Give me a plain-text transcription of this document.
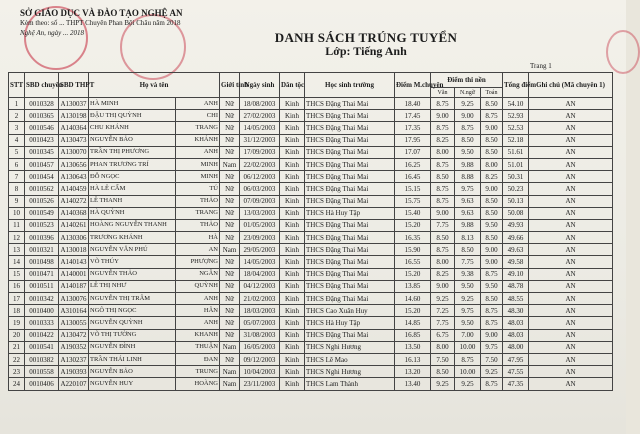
SỞ GIÁO DỤC VÀ ĐÀO TẠO NGHỆ AN
Kèm theo: số ... THPT Chuyên Phan Bội Châu năm 2018
Nghệ An, ngày ... 2018	DANH SÁCH TRÚNG TUYỂN
Lớp: Tiếng Anh
Trang 1
STT	SBD chuyên	SBD THPT	Họ và tên		Giới tính	Ngày sinh	Dân tộc	Học sinh trường	Điểm M.chuyên	Điểm thi nền			Tổng điểm	Ghi chú (Mã chuyên 1)
										Văn	N.ngữ	Toán		
1	0010328	A130037	HÀ MINH	ANH	Nữ	18/08/2003	Kinh	THCS Đặng Thai Mai	18.40	8.75	9.25	8.50	54.10	AN
2	0010365	A130198	ĐẬU THỊ QUỲNH	CHI	Nữ	27/02/2003	Kinh	THCS Đặng Thai Mai	17.45	9.00	9.00	8.75	52.93	AN
3	0010546	A140364	CHU KHÁNH	TRANG	Nữ	14/05/2003	Kinh	THCS Đặng Thai Mai	17.35	8.75	8.75	9.00	52.53	AN
4	0010423	A130473	NGUYỄN BẢO	KHÁNH	Nữ	31/12/2003	Kinh	THCS Đặng Thai Mai	17.95	8.25	8.50	8.50	52.18	AN
5	0010345	A130070	TRẦN THỊ PHƯƠNG	ANH	Nữ	17/09/2003	Kinh	THCS Đặng Thai Mai	17.07	8.00	9.50	8.50	51.61	AN
6	0010457	A130656	PHAN TRƯƠNG TRÍ	MINH	Nam	22/02/2003	Kinh	THCS Đặng Thai Mai	16.25	8.75	9.88	8.00	51.01	AN
7	0010454	A130643	ĐỖ NGỌC	MINH	Nữ	06/12/2003	Kinh	THCS Đặng Thai Mai	16.45	8.50	8.88	8.25	50.31	AN
8	0010562	A140459	HÀ LÊ CẨM	TÚ	Nữ	06/03/2003	Kinh	THCS Đặng Thai Mai	15.15	8.75	9.75	9.00	50.23	AN
9	0010526	A140272	LÊ THANH	THẢO	Nữ	07/09/2003	Kinh	THCS Đặng Thai Mai	15.75	8.75	9.63	8.50	50.13	AN
10	0010549	A140368	HÀ QUỲNH	TRANG	Nữ	13/03/2003	Kinh	THCS Hà Huy Tập	15.40	9.00	9.63	8.50	50.08	AN
11	0010523	A140261	HOÀNG NGUYỄN THANH	THẢO	Nữ	01/05/2003	Kinh	THCS Đặng Thai Mai	15.20	7.75	9.88	9.50	49.93	AN
12	0010396	A130306	TRƯƠNG KHÁNH	HÀ	Nữ	23/09/2003	Kinh	THCS Đặng Thai Mai	16.35	8.50	8.13	8.50	49.66	AN
13	0010321	A130018	NGUYỄN VĂN PHÚ	AN	Nam	29/05/2003	Kinh	THCS Đặng Thai Mai	15.90	8.75	8.50	9.00	49.63	AN
14	0010498	A140143	VÕ THÚY	PHƯỢNG	Nữ	14/05/2003	Kinh	THCS Đặng Thai Mai	16.55	8.00	7.75	9.00	49.58	AN
15	0010471	A140001	NGUYỄN THẢO	NGÂN	Nữ	18/04/2003	Kinh	THCS Đặng Thai Mai	15.20	8.25	9.38	8.75	49.10	AN
16	0010511	A140187	LÊ THỊ NHƯ	QUỲNH	Nữ	04/12/2003	Kinh	THCS Đặng Thai Mai	13.85	9.00	9.50	9.50	48.78	AN
17	0010342	A130076	NGUYỄN THỊ TRÂM	ANH	Nữ	21/02/2003	Kinh	THCS Đặng Thai Mai	14.60	9.25	9.25	8.50	48.55	AN
18	0010400	A310164	NGÔ THỊ NGỌC	HÂN	Nữ	18/03/2003	Kinh	THCS Cao Xuân Huy	15.20	7.25	9.75	8.75	48.30	AN
19	0010333	A130055	NGUYỄN QUỲNH	ANH	Nữ	05/07/2003	Kinh	THCS Hà Huy Tập	14.85	7.75	9.50	8.75	48.03	AN
20	0010422	A130472	VÕ THỊ TƯỜNG	KHANH	Nữ	31/08/2003	Kinh	THCS Đặng Thai Mai	16.85	6.75	7.00	9.00	48.03	AN
21	0010541	A190352	NGUYỄN ĐÌNH	THUẬN	Nam	16/05/2003	Kinh	THCS Nghi Hương	13.50	8.00	10.00	9.75	48.00	AN
22	0010382	A130237	TRẦN THÁI LINH	ĐAN	Nữ	09/12/2003	Kinh	THCS Lê Mao	16.13	7.50	8.75	7.50	47.95	AN
23	0010558	A190393	NGUYỄN BẢO	TRUNG	Nam	10/04/2003	Kinh	THCS Nghi Hương	13.20	8.50	10.00	9.25	47.55	AN
24	0010406	A220107	NGUYỄN HUY	HOÀNG	Nam	23/11/2003	Kinh	THCS Lam Thành	13.40	9.25	9.25	8.75	47.35	AN
